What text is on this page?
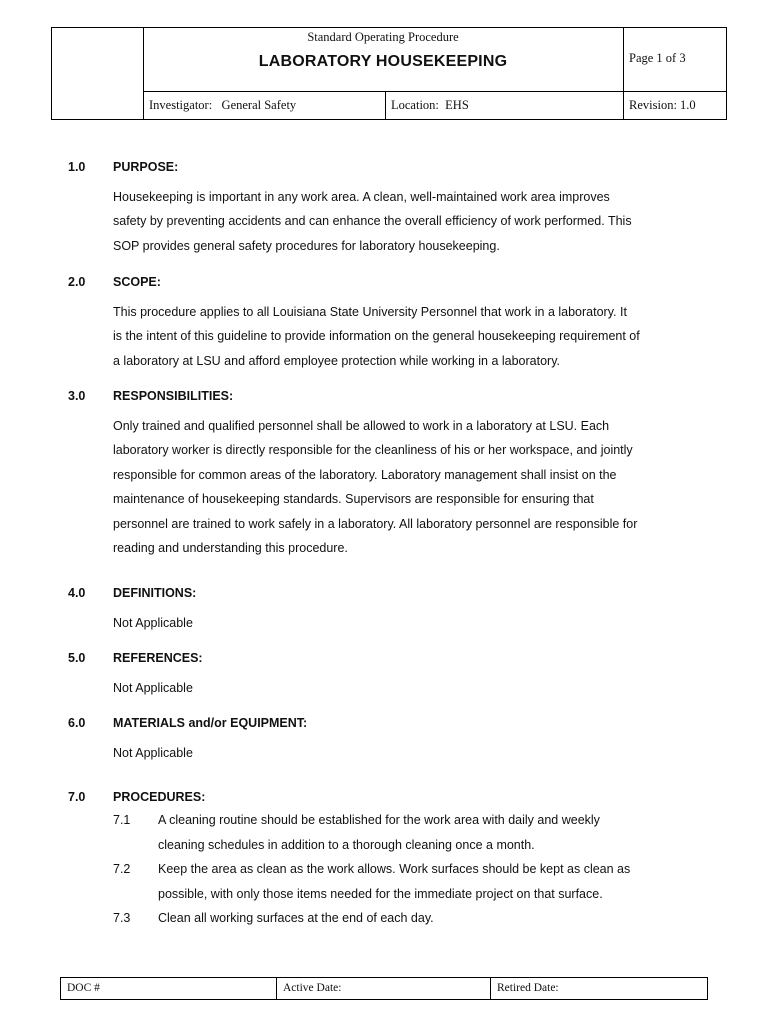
Standard Operating Procedure
LABORATORY HOUSEKEEPING	Page 1 of 3
Investigator:   General Safety	Location:  EHS	Revision: 1.0
1.0 PURPOSE:

Housekeeping is important in any work area. A clean, well-maintained work area improves

safety by preventing accidents and can enhance the overall efficiency of work performed. This

SOP provides general safety procedures for laboratory housekeeping.

2.0 SCOPE:

This procedure applies to all Louisiana State University Personnel that work in a laboratory. It

is the intent of this guideline to provide information on the general housekeeping requirement of

a laboratory at LSU and afford employee protection while working in a laboratory.

3.0 RESPONSIBILITIES:

Only trained and qualified personnel shall be allowed to work in a laboratory at LSU. Each

laboratory worker is directly responsible for the cleanliness of his or her workspace, and jointly

responsible for common areas of the laboratory. Laboratory management shall insist on the

maintenance of housekeeping standards. Supervisors are responsible for ensuring that

personnel are trained to work safely in a laboratory. All laboratory personnel are responsible for

reading and understanding this procedure.

4.0 DEFINITIONS:

Not Applicable

5.0 REFERENCES:

Not Applicable

6.0 MATERIALS and/or EQUIPMENT:

Not Applicable

7.0 PROCEDURES:
7.1 A cleaning routine should be established for the work area with daily and weekly
cleaning schedules in addition to a thorough cleaning once a month.
7.2 Keep the area as clean as the work allows. Work surfaces should be kept as clean as
possible, with only those items needed for the immediate project on that surface.
7.3 Clean all working surfaces at the end of each day.
DOC #	Active Date:	Retired Date:
